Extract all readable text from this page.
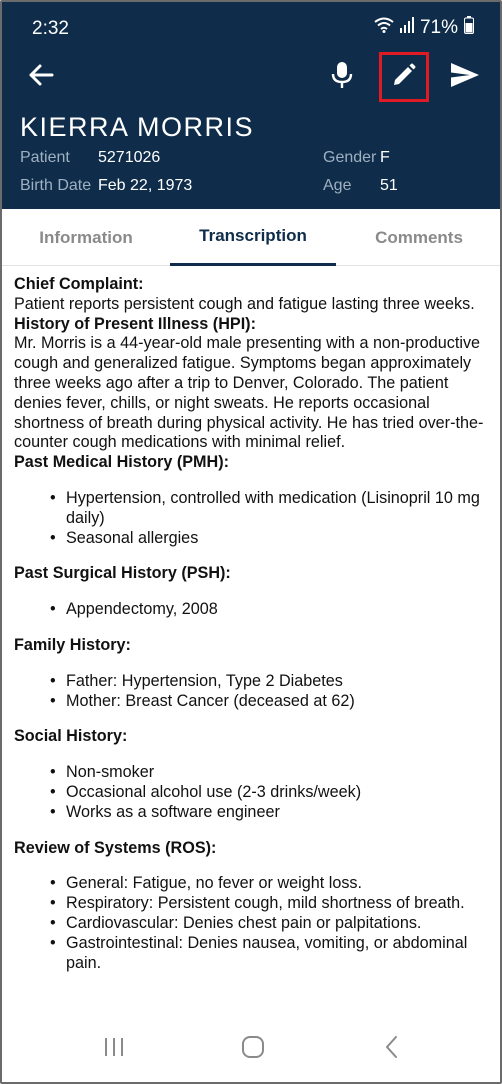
2:32	71%
KIERRA MORRIS
Patient 5271026	Gender F
Birth Date Feb 22, 1973	Age 51
Information	Transcription	Comments
Chief Complaint:

Patient reports persistent cough and fatigue lasting three weeks.

History of Present Illness (HPI):

Mr. Morris is a 44-year-old male presenting with a non-productive cough and generalized fatigue. Symptoms began approximately three weeks ago after a trip to Denver, Colorado. The patient denies fever, chills, or night sweats. He reports occasional shortness of breath during physical activity. He has tried over-the-counter cough medications with minimal relief.

Past Medical History (PMH):
• Hypertension, controlled with medication (Lisinopril 10 mg daily)
• Seasonal allergies
Past Surgical History (PSH):
• Appendectomy, 2008
Family History:
• Father: Hypertension, Type 2 Diabetes
• Mother: Breast Cancer (deceased at 62)
Social History:
• Non-smoker
• Occasional alcohol use (2-3 drinks/week)
• Works as a software engineer
Review of Systems (ROS):
• General: Fatigue, no fever or weight loss.
• Respiratory: Persistent cough, mild shortness of breath.
• Cardiovascular: Denies chest pain or palpitations.
• Gastrointestinal: Denies nausea, vomiting, or abdominal pain.
